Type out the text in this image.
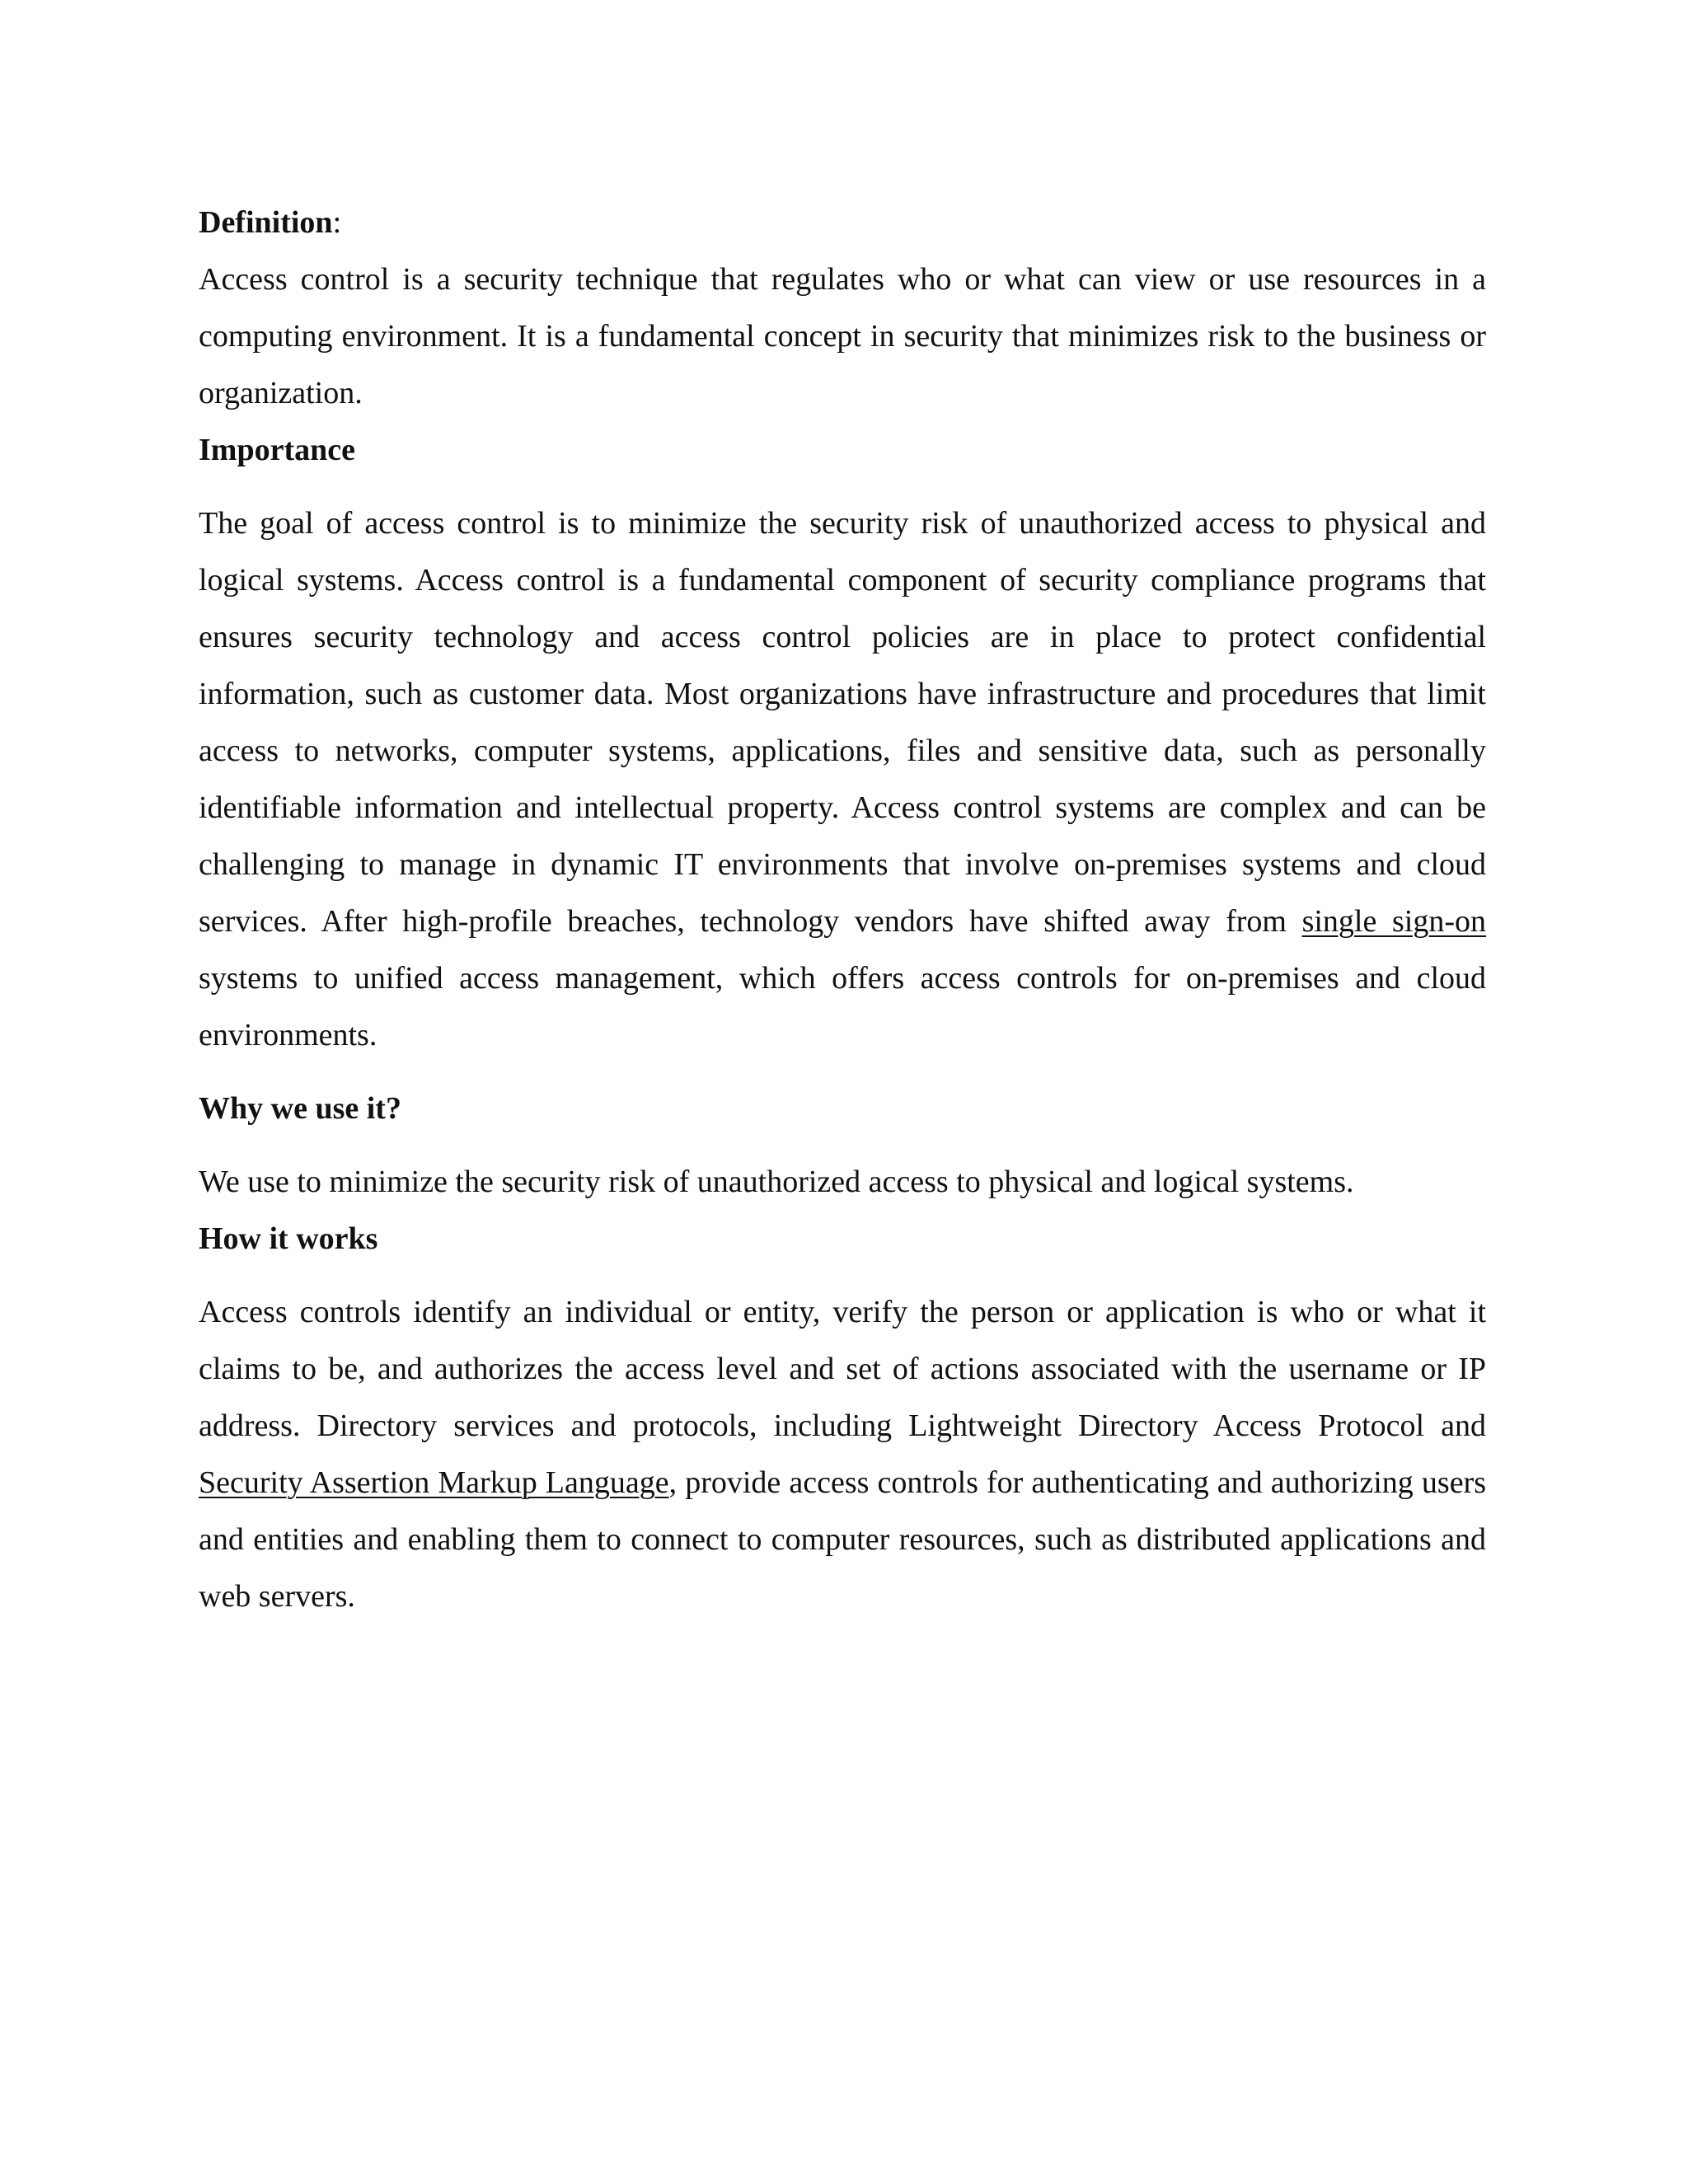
Definition:

Access control is a security technique that regulates who or what can view or use resources in a computing environment. It is a fundamental concept in security that minimizes risk to the business or organization.

Importance

The goal of access control is to minimize the security risk of unauthorized access to physical and logical systems. Access control is a fundamental component of security compliance programs that ensures security technology and access control policies are in place to protect confidential information, such as customer data. Most organizations have infrastructure and procedures that limit access to networks, computer systems, applications, files and sensitive data, such as personally identifiable information and intellectual property. Access control systems are complex and can be challenging to manage in dynamic IT environments that involve on-premises systems and cloud services. After high-profile breaches, technology vendors have shifted away from single sign-on systems to unified access management, which offers access controls for on-premises and cloud environments.

Why we use it?

We use to minimize the security risk of unauthorized access to physical and logical systems.

How it works

Access controls identify an individual or entity, verify the person or application is who or what it claims to be, and authorizes the access level and set of actions associated with the username or IP address. Directory services and protocols, including Lightweight Directory Access Protocol and Security Assertion Markup Language, provide access controls for authenticating and authorizing users and entities and enabling them to connect to computer resources, such as distributed applications and web servers.
